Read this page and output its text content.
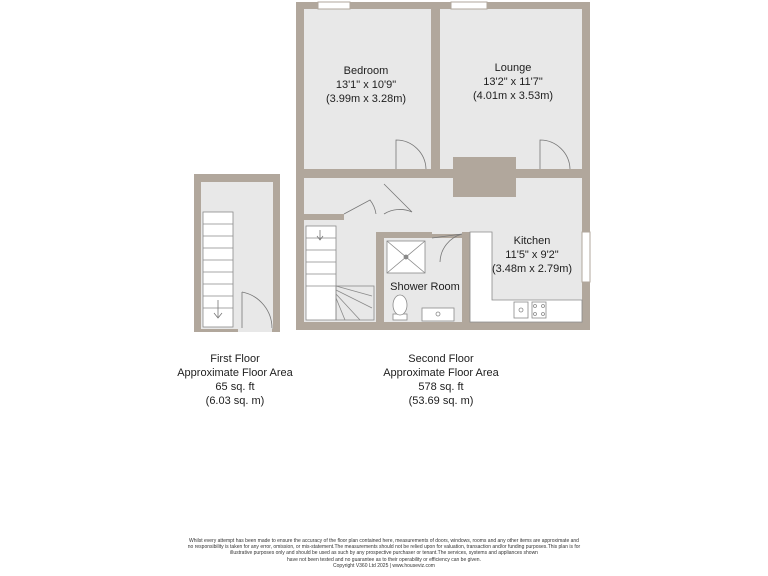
Bedroom
13'1" x 10'9"
(3.99m x 3.28m)
Lounge
13'2" x 11'7"
(4.01m x 3.53m)
Kitchen
11'5" x 9'2"
(3.48m x 2.79m)
Shower Room
First Floor
Approximate Floor Area
65 sq. ft
(6.03 sq. m)
Second Floor
Approximate Floor Area
578 sq. ft
(53.69 sq. m)
Whilst every attempt has been made to ensure the accuracy of the floor plan contained here, measurements of doors, windows, rooms and any other items are approximate and
no responsibility is taken for any error, omission, or mis-statement.The measurements should not be relied upon for valuation, transaction and/or funding purposes.This plan is for
illustrative purposes only and should be used as such by any prospective purchaser or tenant.The services, systems and appliances shown
have not been tested and no guarantee as to their operability or efficiency can be given.
Copyright V360 Ltd 2025 | www.houseviz.com
